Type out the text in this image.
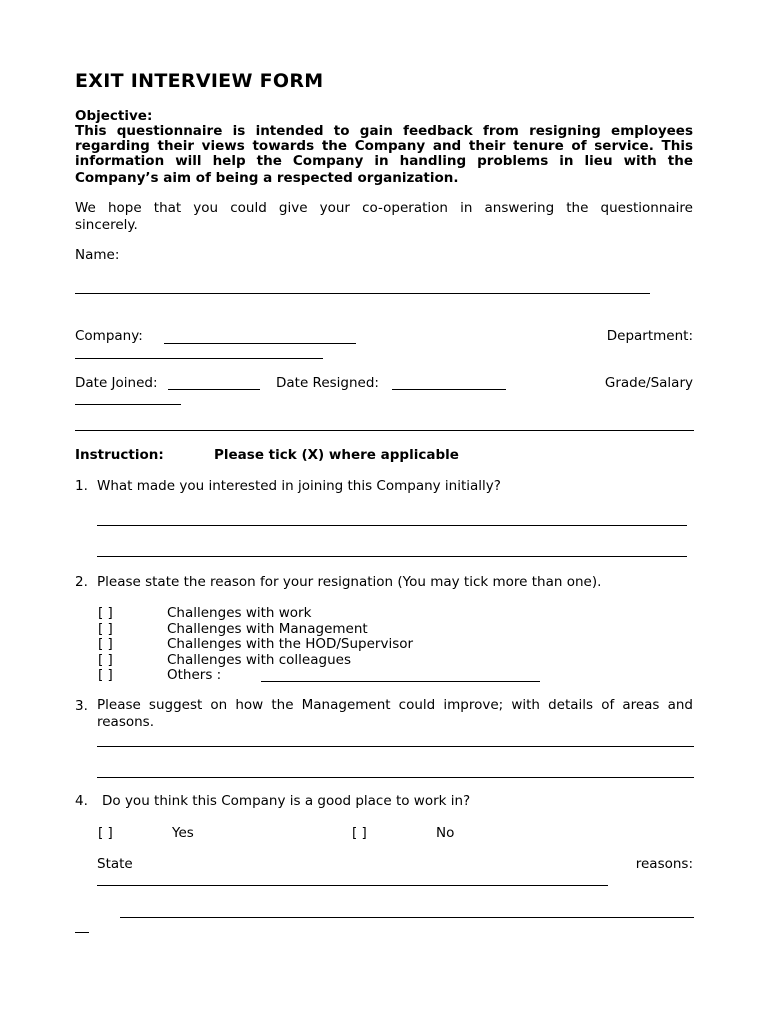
EXIT INTERVIEW FORM
Objective:
This questionnaire is intended to gain feedback from resigning employees
regarding their views towards the Company and their tenure of service. This
information will help the Company in handling problems in lieu with the
Company’s aim of being a respected organization.
We hope that you could give your co-operation in answering the questionnaire
sincerely.
Name:
Company:	Department:
Date Joined:	Date Resigned:	Grade/Salary
Instruction:	Please tick (X) where applicable
1. What made you interested in joining this Company initially?
2. Please state the reason for your resignation (You may tick more than one).
[ ]	Challenges with work
[ ]	Challenges with Management
[ ]	Challenges with the HOD/Supervisor
[ ]	Challenges with colleagues
[ ]	Others :
3. Please suggest on how the Management could improve; with details of areas and
reasons.
4. Do you think this Company is a good place to work in?
[ ]	Yes	[ ]	No
State	reasons:
